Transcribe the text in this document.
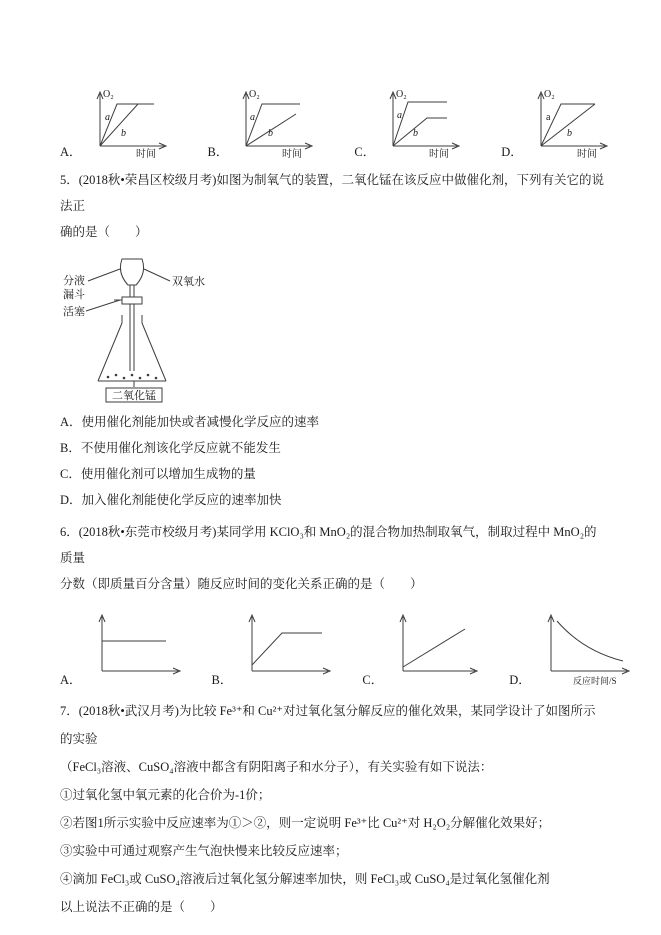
A．
O₂
a
b
时间	B．
O₂
a
b
时间	C．
O₂
a
b
时间	D．
a
b
O₂
时间

5．(2018秋•荣昌区校级月考)如图为制氧气的装置，二氧化锰在该反应中做催化剂，下列有关它的说法正

确的是（　　）

分液
漏斗
活塞
双氧水
二氧化锰

A．使用催化剂能加快或者减慢化学反应的速率

B．不使用催化剂该化学反应就不能发生

C．使用催化剂可以增加生成物的量

D．加入催化剂能使化学反应的速率加快

6．(2018秋•东莞市校级月考)某同学用 KClO₃和 MnO₂的混合物加热制取氧气，制取过程中 MnO₂的质量

分数（即质量百分含量）随反应时间的变化关系正确的是（　　）

A．	B．	C．	D．	反应时间/S

7．(2018秋•武汉月考)为比较 Fe³⁺和 Cu²⁺对过氧化氢分解反应的催化效果，某同学设计了如图所示的实验

（FeCl₃溶液、CuSO₄溶液中都含有阴阳离子和水分子），有关实验有如下说法：

①过氧化氢中氧元素的化合价为-1价；

②若图1所示实验中反应速率为①＞②，则一定说明 Fe³⁺比 Cu²⁺对 H₂O₂分解催化效果好；

③实验中可通过观察产生气泡快慢来比较反应速率；

④滴加 FeCl₃或 CuSO₄溶液后过氧化氢分解速率加快，则 FeCl₃或 CuSO₄是过氧化氢催化剂

以上说法不正确的是（　　）
